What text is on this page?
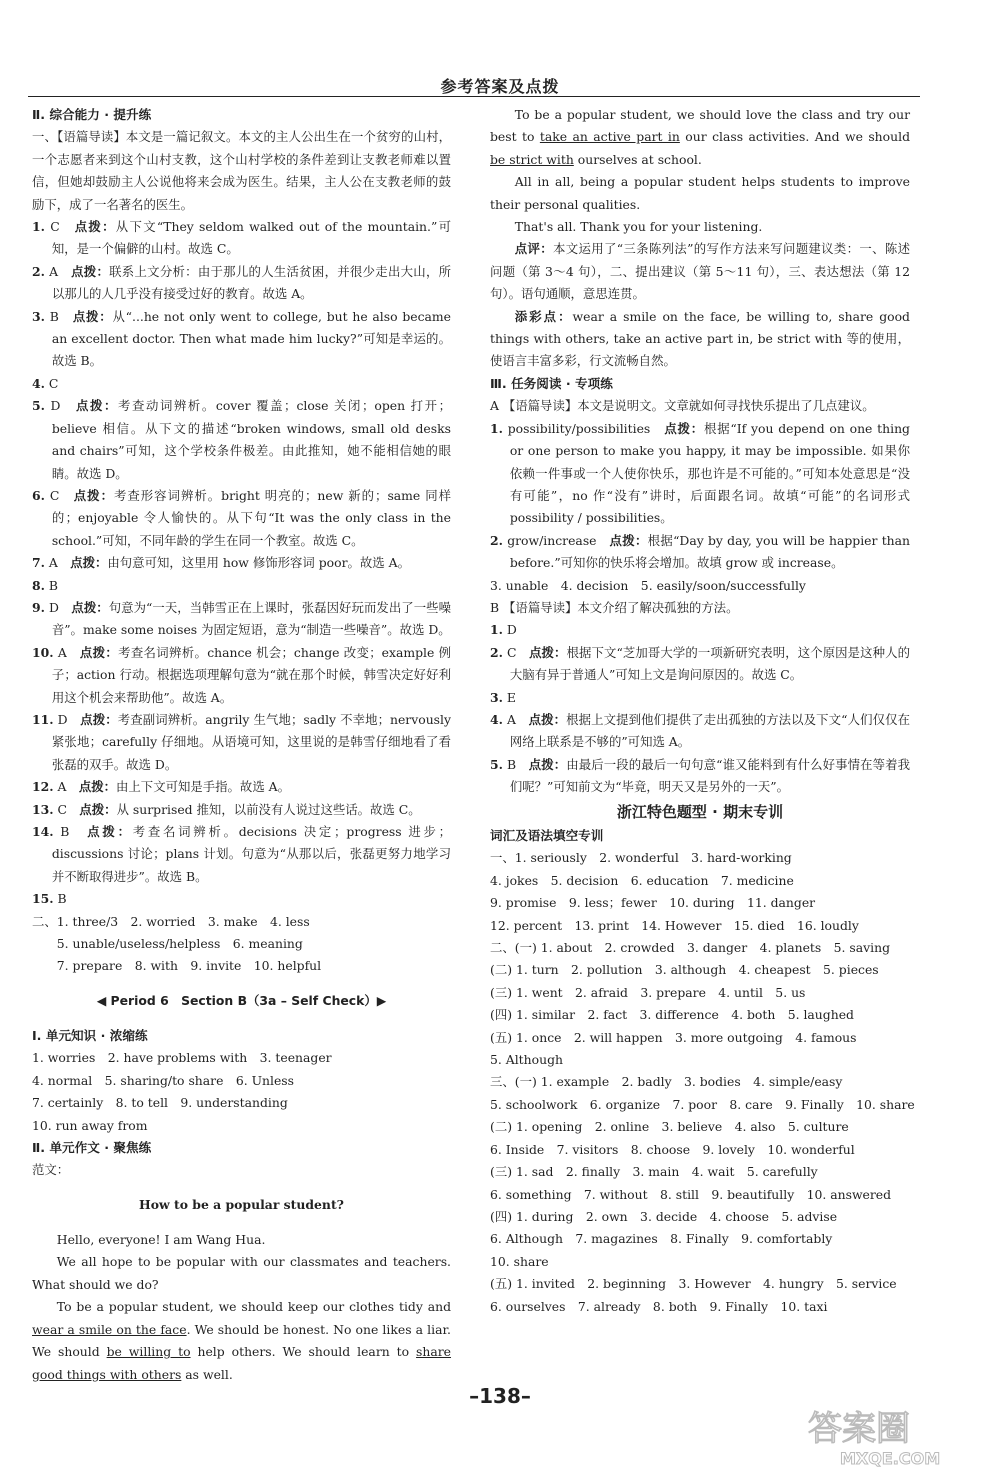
参考答案及点拨

Ⅱ. 综合能力 · 提升练

一、【语篇导读】本文是一篇记叙文。本文的主人公出生在一个贫穷的山村，一个志愿者来到这个山村支教，这个山村学校的条件差到让支教老师难以置信，但她却鼓励主人公说他将来会成为医生。结果，主人公在支教老师的鼓励下，成了一名著名的医生。

1. C　 点拨：从下文“They seldom walked out of the mountain.”可知，是一个偏僻的山村。故选 C。

2. A　 点拨：联系上文分析：由于那儿的人生活贫困，并很少走出大山，所以那儿的人几乎没有接受过好的教育。故选 A。

3. B　 点拨：从“...he not only went to college, but he also became an excellent doctor. Then what made him lucky?”可知是幸运的。故选 B。

4. C

5. D　 点拨：考查动词辨析。cover 覆盖；close 关闭；open 打开；believe 相信。从下文的描述“broken windows, small old desks and chairs”可知，这个学校条件极差。由此推知，她不能相信她的眼睛。故选 D。

6. C　 点拨：考查形容词辨析。bright 明亮的；new 新的；same 同样的；enjoyable 令人愉快的。从下句“It was the only class in the school.”可知，不同年龄的学生在同一个教室。故选 C。

7. A　 点拨：由句意可知，这里用 how 修饰形容词 poor。故选 A。

8. B

9. D　 点拨：句意为“一天，当韩雪正在上课时，张磊因好玩而发出了一些噪音”。make some noises 为固定短语，意为“制造一些噪音”。故选 D。

10. A　 点拨：考查名词辨析。chance 机会；change 改变；example 例子；action 行动。根据选项理解句意为“就在那个时候，韩雪决定好好利用这个机会来帮助他”。故选 A。

11. D　 点拨：考查副词辨析。angrily 生气地；sadly 不幸地；nervously 紧张地；carefully 仔细地。从语境可知，这里说的是韩雪仔细地看了看张磊的双手。故选 D。

12. A　 点拨：由上下文可知是手指。故选 A。

13. C　 点拨：从 surprised 推知，以前没有人说过这些话。故选 C。

14. B　 点拨：考查名词辨析。decisions 决定；progress 进步；discussions 讨论；plans 计划。句意为“从那以后，张磊更努力地学习并不断取得进步”。故选 B。

15. B

二、1. three/3　2. worried　3. make　4. less

　　5. unable/useless/helpless　6. meaning

　　7. prepare　8. with　9. invite　10. helpful

◀ Period 6　Section B（3a – Self Check）▶

Ⅰ. 单元知识 · 浓缩练

1. worries　2. have problems with　3. teenager

4. normal　5. sharing/to share　6. Unless

7. certainly　8. to tell　9. understanding

10. run away from

Ⅱ. 单元作文 · 聚焦练

范文：

How to be a popular student?

Hello, everyone! I am Wang Hua.

We all hope to be popular with our classmates and teachers. What should we do?

To be a popular student, we should keep our clothes tidy and wear a smile on the face. We should be honest. No one likes a liar. We should be willing to help others. We should learn to share good things with others as well.

To be a popular student, we should love the class and try our best to take an active part in our class activities. And we should be strict with ourselves at school.

All in all, being a popular student helps students to improve their personal qualities.

That's all. Thank you for your listening.

点评：本文运用了“三条陈列法”的写作方法来写问题建议类：一、陈述问题（第 3～4 句），二、提出建议（第 5～11 句），三、表达想法（第 12 句）。语句通顺，意思连贯。

添彩点：wear a smile on the face, be willing to, share good things with others, take an active part in, be strict with 等的使用，使语言丰富多彩，行文流畅自然。

Ⅲ. 任务阅读 · 专项练

A 【语篇导读】本文是说明文。文章就如何寻找快乐提出了几点建议。

1. possibility/possibilities　 点拨：根据“If you depend on one thing or one person to make you happy, it may be impossible. 如果你依赖一件事或一个人使你快乐，那也许是不可能的。”可知本处意思是“没有可能”，no 作“没有”讲时，后面跟名词。故填“可能”的名词形式 possibility / possibilities。

2. grow/increase　 点拨：根据“Day by day, you will be happier than before.”可知你的快乐将会增加。故填 grow 或 increase。

3. unable　4. decision　5. easily/soon/successfully

B 【语篇导读】本文介绍了解决孤独的方法。

1. D

2. C　 点拨：根据下文“芝加哥大学的一项新研究表明，这个原因是这种人的大脑有异于普通人”可知上文是询问原因的。故选 C。

3. E

4. A　 点拨：根据上文提到他们提供了走出孤独的方法以及下文“人们仅仅在网络上联系是不够的”可知选 A。

5. B　 点拨：由最后一段的最后一句句意“谁又能料到有什么好事情在等着我们呢？”可知前文为“毕竟，明天又是另外的一天”。

浙江特色题型 · 期末专训

词汇及语法填空专训

一、1. seriously　2. wonderful　3. hard-working

4. jokes　5. decision　6. education　7. medicine

9. promise　9. less；fewer　10. during　11. danger

12. percent　13. print　14. However　15. died　16. loudly

二、(一) 1. about　2. crowded　3. danger　4. planets　5. saving

(二) 1. turn　2. pollution　3. although　4. cheapest　5. pieces

(三) 1. went　2. afraid　3. prepare　4. until　5. us

(四) 1. similar　2. fact　3. difference　4. both　5. laughed

(五) 1. once　2. will happen　3. more outgoing　4. famous

5. Although

三、(一) 1. example　2. badly　3. bodies　4. simple/easy

5. schoolwork　6. organize　7. poor　8. care　9. Finally　10. share

(二) 1. opening　2. online　3. believe　4. also　5. culture

6. Inside　7. visitors　8. choose　9. lovely　10. wonderful

(三) 1. sad　2. finally　3. main　4. wait　5. carefully

6. something　7. without　8. still　9. beautifully　10. answered

(四) 1. during　2. own　3. decide　4. choose　5. advise

6. Although　7. magazines　8. Finally　9. comfortably

10. share

(五) 1. invited　2. beginning　3. However　4. hungry　5. service

6. ourselves　7. already　8. both　9. Finally　10. taxi

–138–
答案圈
MXQE.COM
